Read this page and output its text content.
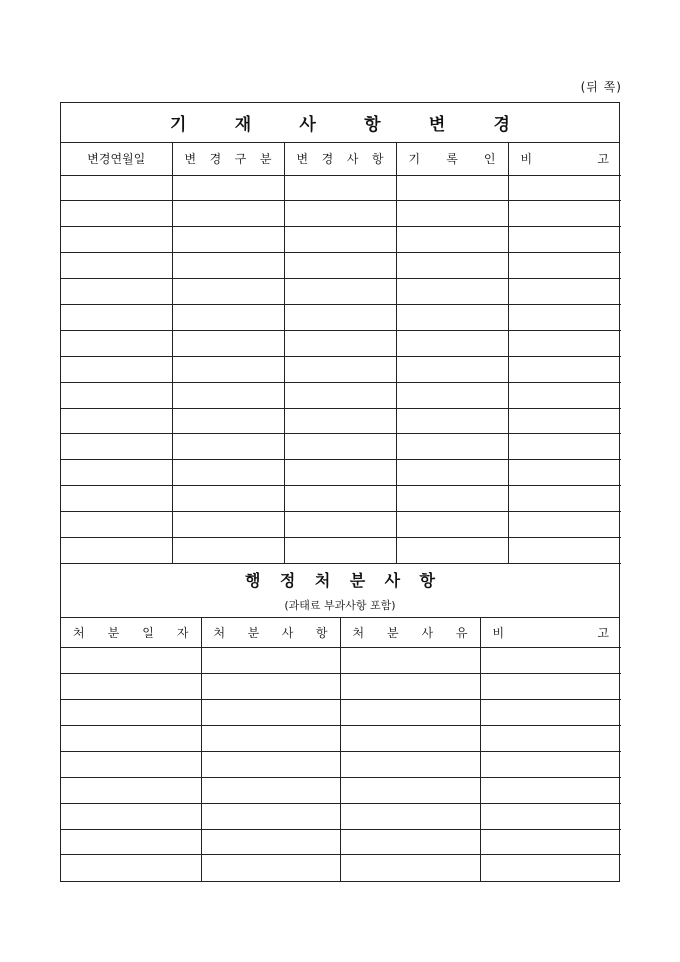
(뒤 쪽)
기	재	사	항	변	경
변경연월일	변 경 구 분	변 경 사 항	기 록 인	비 고

행 정 처 분 사 항
(과태료 부과사항 포함)
처 분 일 자	처 분 사 항	처 분 사 유	비 고
